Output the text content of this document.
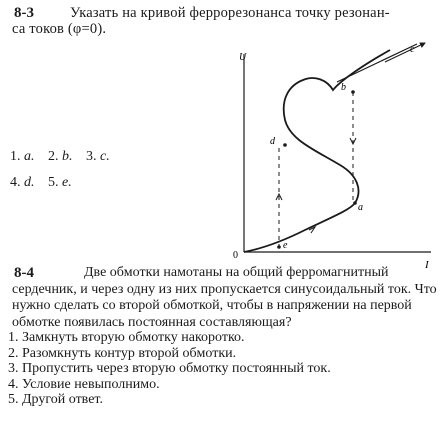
8-3 Указать на кривой феррорезонанса точку резонан-
са токов (φ=0).
1. a. 2. b. 3. c.
4. d. 5. e.
U
I
0
a
b
c
d
e
8-4	Две обмотки намотаны на общий ферромагнитный сердечник, и через одну из них пропускается синусоидальный ток. Что нужно сделать со второй обмоткой, чтобы в напряжении на первой обмотке появилась постоянная составляющая?
1. Замкнуть вторую обмотку накоротко.
2. Разомкнуть контур второй обмотки.
3. Пропустить через вторую обмотку постоянный ток.
4. Условие невыполнимо.
5. Другой ответ.
